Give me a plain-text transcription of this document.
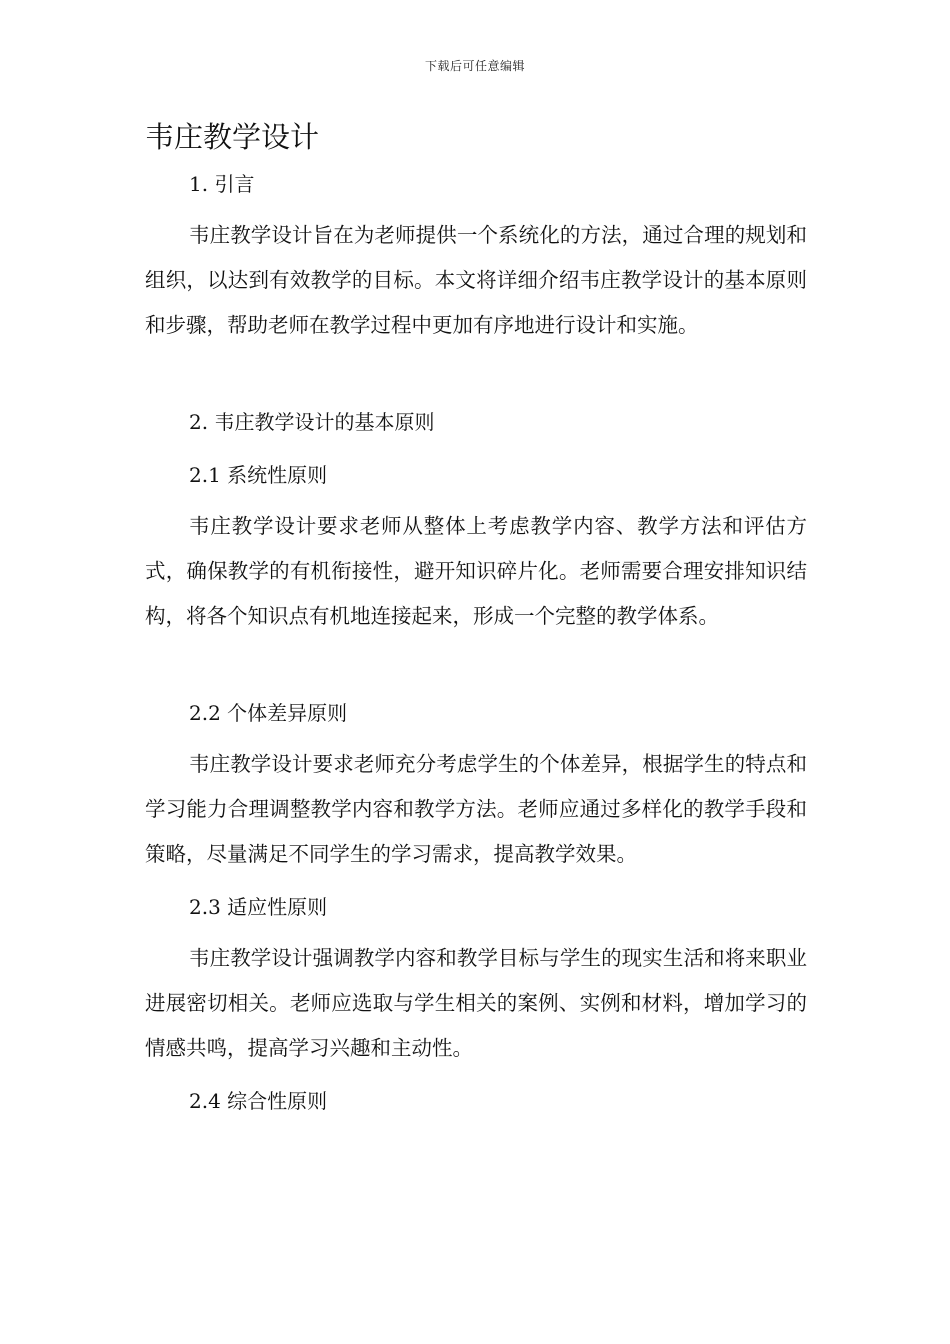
下载后可任意编辑
韦庄教学设计
1. 引言

韦庄教学设计旨在为老师提供一个系统化的方法，通过合理的规划和组织，以达到有效教学的目标。本文将详细介绍韦庄教学设计的基本原则和步骤，帮助老师在教学过程中更加有序地进行设计和实施。

2. 韦庄教学设计的基本原则
2.1 系统性原则

韦庄教学设计要求老师从整体上考虑教学内容、教学方法和评估方式，确保教学的有机衔接性，避开知识碎片化。老师需要合理安排知识结构，将各个知识点有机地连接起来，形成一个完整的教学体系。

2.2 个体差异原则

韦庄教学设计要求老师充分考虑学生的个体差异，根据学生的特点和学习能力合理调整教学内容和教学方法。老师应通过多样化的教学手段和策略，尽量满足不同学生的学习需求，提高教学效果。

2.3 适应性原则

韦庄教学设计强调教学内容和教学目标与学生的现实生活和将来职业进展密切相关。老师应选取与学生相关的案例、实例和材料，增加学习的情感共鸣，提高学习兴趣和主动性。

2.4 综合性原则
